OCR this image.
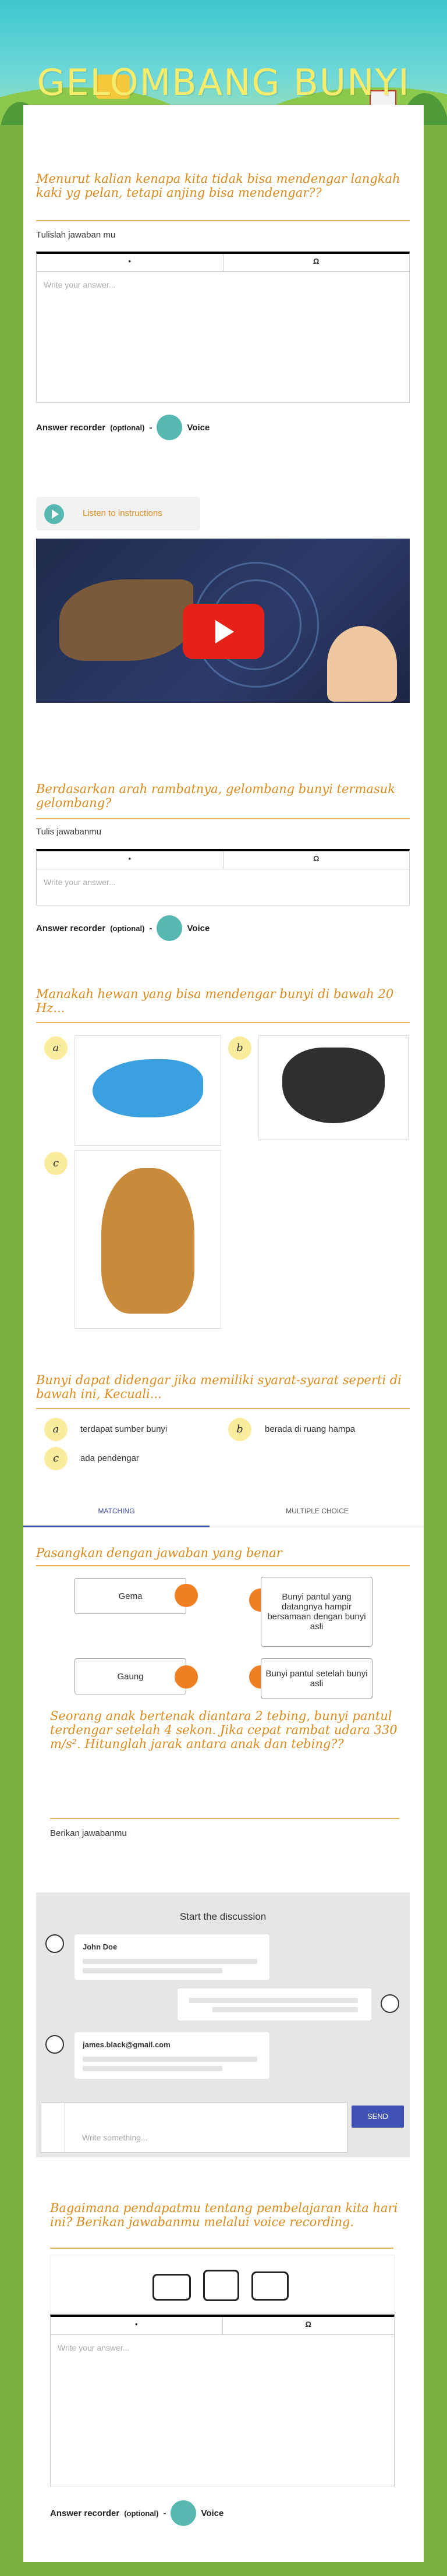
GELOMBANG BUNYI
Menurut kalian kenapa kita tidak bisa mendengar langkah kaki yg pelan, tetapi anjing bisa mendengar??
Tulislah jawaban mu
•	Ω
Write your answer...
Answer recorder (optional) -	Voice
Listen to instructions
Berdasarkan arah rambatnya, gelombang bunyi termasuk gelombang?
Tulis jawabanmu
•	Ω
Write your answer...
Answer recorder (optional) -	Voice
Manakah hewan yang bisa mendengar bunyi di bawah 20 Hz...
a	b
c
Bunyi dapat didengar jika memiliki syarat-syarat seperti di bawah ini, Kecuali...
a	terdapat sumber bunyi	b	berada di ruang hampa
c	ada pendengar
MATCHING	MULTIPLE CHOICE
Pasangkan dengan jawaban yang benar
Gema	Bunyi pantul yang datangnya hampir bersamaan dengan bunyi asli
Gaung	Bunyi pantul setelah bunyi asli
Seorang anak bertenak diantara 2 tebing, bunyi pantul terdengar setelah 4 sekon. Jika cepat rambat udara 330 m/s². Hitunglah jarak antara anak dan tebing??
Berikan jawabanmu
Start the discussion
John Doe
james.black@gmail.com
Write something...
SEND
Bagaimana pendapatmu tentang pembelajaran kita hari ini? Berikan jawabanmu melalui voice recording.
•	Ω
Write your answer...
Answer recorder (optional) -	Voice
